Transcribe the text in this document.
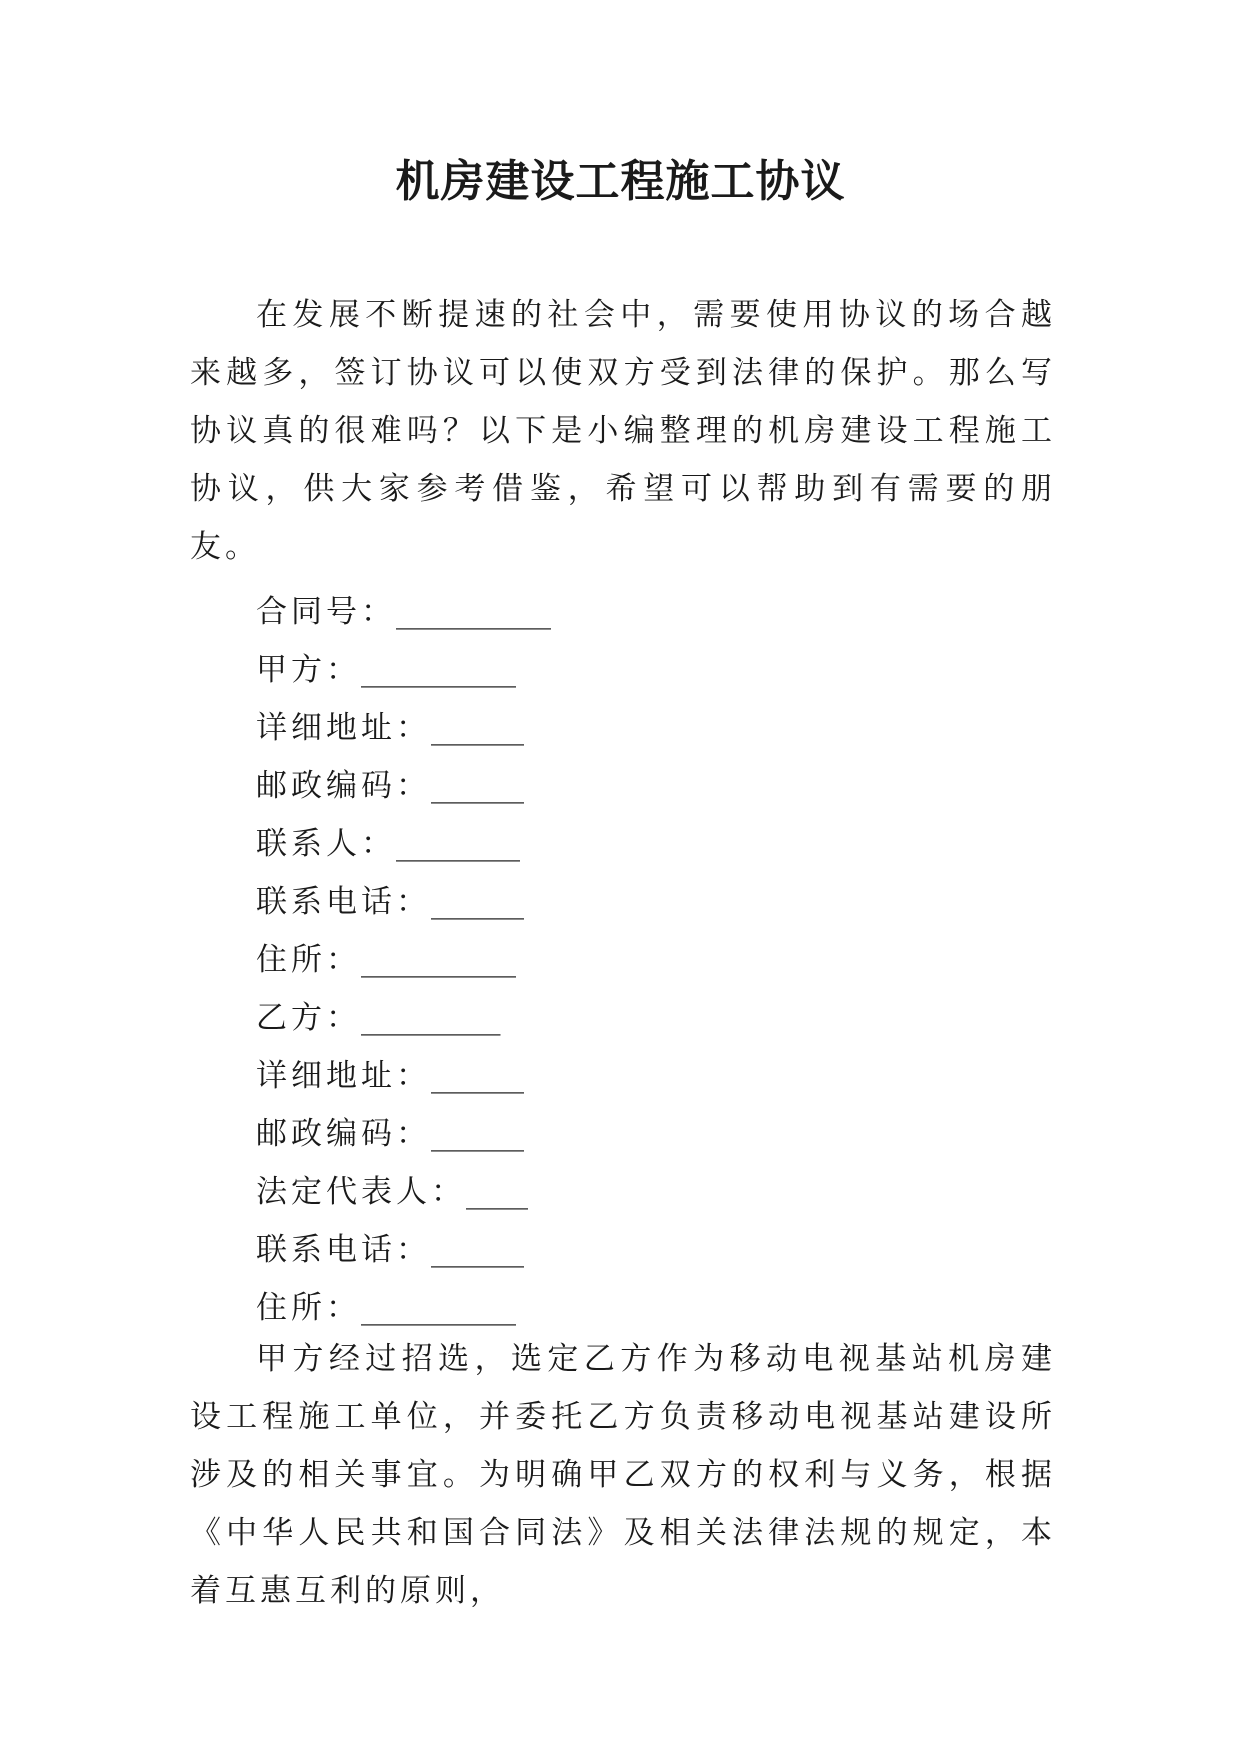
机房建设工程施工协议

在发展不断提速的社会中，需要使用协议的场合越来越多，签订协议可以使双方受到法律的保护。那么写协议真的很难吗？以下是小编整理的机房建设工程施工协议，供大家参考借鉴，希望可以帮助到有需要的朋友。

合同号：__________
甲方：__________
详细地址：______
邮政编码：______
联系人：________
联系电话：______
住所：__________
乙方：_________
详细地址：______
邮政编码：______
法定代表人：____
联系电话：______
住所：__________

甲方经过招选，选定乙方作为移动电视基站机房建设工程施工单位，并委托乙方负责移动电视基站建设所涉及的相关事宜。为明确甲乙双方的权利与义务，根据《中华人民共和国合同法》及相关法律法规的规定，本着互惠互利的原则，
